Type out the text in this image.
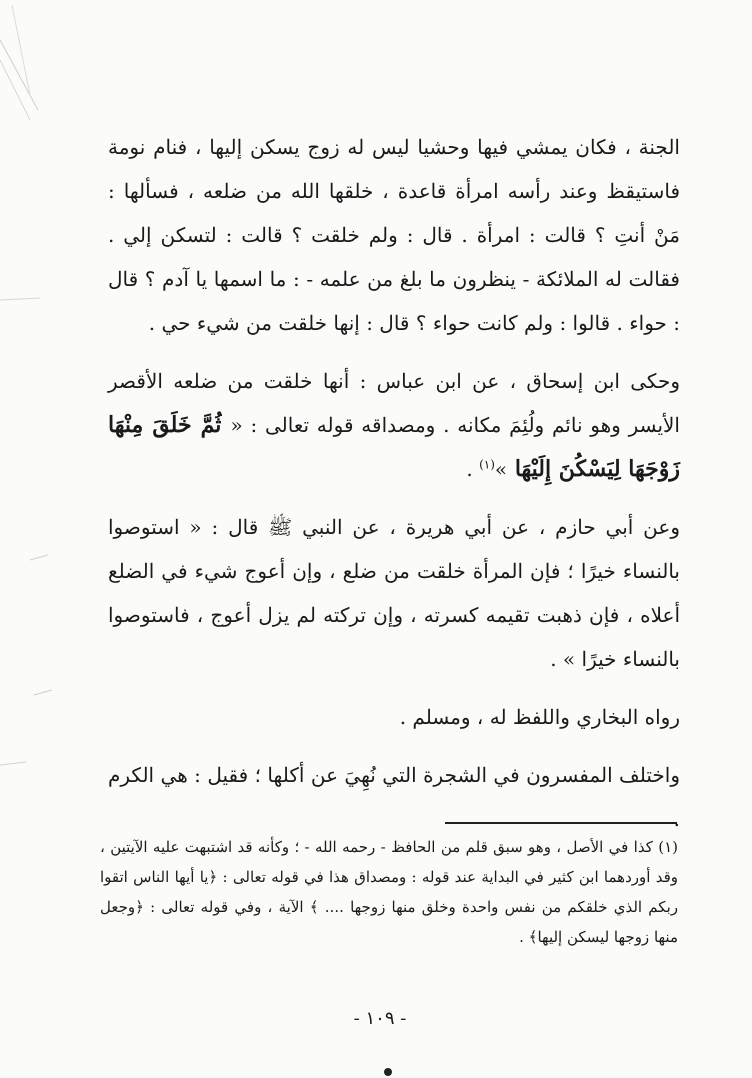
الجنة ، فكان يمشي فيها وحشيا ليس له زوج يسكن إليها ، فنام نومة فاستيقظ وعند رأسه امرأة قاعدة ، خلقها الله من ضلعه ، فسألها : مَنْ أنتِ ؟ قالت : امرأة . قال : ولم خلقت ؟ قالت : لتسكن إلي . فقالت له الملائكة - ينظرون ما بلغ من علمه - : ما اسمها يا آدم ؟ قال : حواء . قالوا : ولم كانت حواء ؟ قال : إنها خلقت من شيء حي .

وحكى ابن إسحاق ، عن ابن عباس : أنها خلقت من ضلعه الأقصر الأيسر وهو نائم ولُئِمَ مكانه . ومصداقه قوله تعالى : « ثُمَّ خَلَقَ مِنْهَا زَوْجَهَا لِيَسْكُنَ إِلَيْهَا »$^{(١)}$ .

وعن أبي حازم ، عن أبي هريرة ، عن النبي ﷺ قال : « استوصوا بالنساء خيرًا ؛ فإن المرأة خلقت من ضلع ، وإن أعوج شيء في الضلع أعلاه ، فإن ذهبت تقيمه كسرته ، وإن تركته لم يزل أعوج ، فاستوصوا بالنساء خيرًا » .

رواه البخاري واللفظ له ، ومسلم .

واختلف المفسرون في الشجرة التي نُهِيَ عن أكلها ؛ فقيل : هي الكرم .

(١) كذا في الأصل ، وهو سبق قلم من الحافظ - رحمه الله - ؛ وكأنه قد اشتبهت عليه الآيتين ، وقد أوردهما ابن كثير في البداية عند قوله : ومصداق هذا في قوله تعالى : ﴿يا أيها الناس اتقوا ربكم الذي خلقكم من نفس واحدة وخلق منها زوجها .... ﴾ الآية ، وفي قوله تعالى : ﴿وجعل منها زوجها ليسكن إليها﴾ .

- ١٠٩ -
